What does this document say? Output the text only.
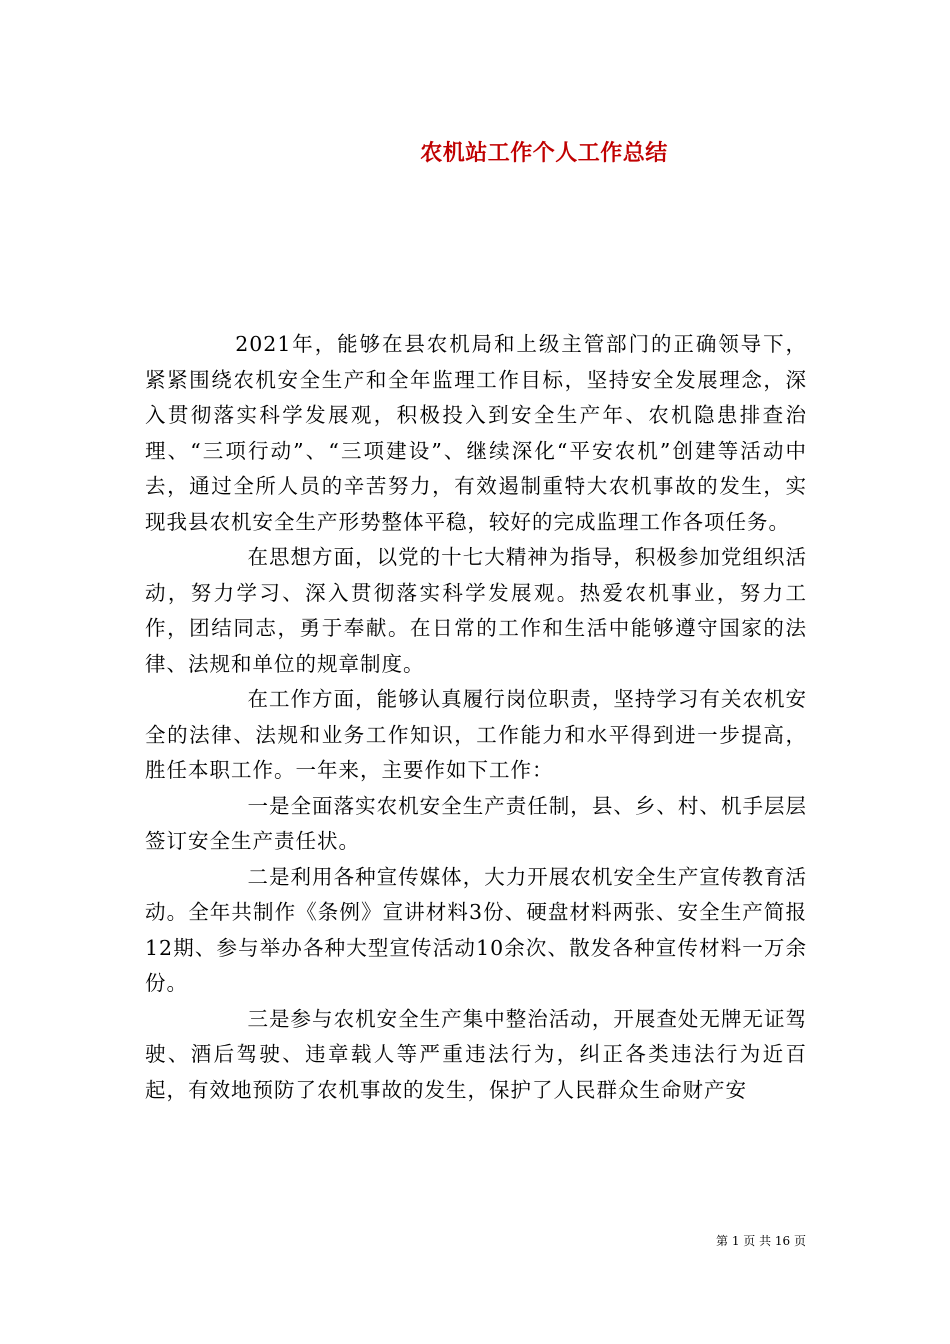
农机站工作个人工作总结

2021年，能够在县农机局和上级主管部门的正确领导下，紧紧围绕农机安全生产和全年监理工作目标，坚持安全发展理念，深入贯彻落实科学发展观，积极投入到安全生产年、农机隐患排查治理、“三项行动”、“三项建设”、继续深化“平安农机”创建等活动中去，通过全所人员的辛苦努力，有效遏制重特大农机事故的发生，实现我县农机安全生产形势整体平稳，较好的完成监理工作各项任务。

在思想方面，以党的十七大精神为指导，积极参加党组织活动，努力学习、深入贯彻落实科学发展观。热爱农机事业，努力工作，团结同志，勇于奉献。在日常的工作和生活中能够遵守国家的法律、法规和单位的规章制度。

在工作方面，能够认真履行岗位职责，坚持学习有关农机安全的法律、法规和业务工作知识，工作能力和水平得到进一步提高，胜任本职工作。一年来，主要作如下工作：

一是全面落实农机安全生产责任制，县、乡、村、机手层层签订安全生产责任状。

二是利用各种宣传媒体，大力开展农机安全生产宣传教育活动。全年共制作《条例》宣讲材料3份、硬盘材料两张、安全生产简报12期、参与举办各种大型宣传活动10余次、散发各种宣传材料一万余份。

三是参与农机安全生产集中整治活动，开展查处无牌无证驾驶、酒后驾驶、违章载人等严重违法行为，纠正各类违法行为近百起，有效地预防了农机事故的发生，保护了人民群众生命财产安

第 1 页 共 16 页
